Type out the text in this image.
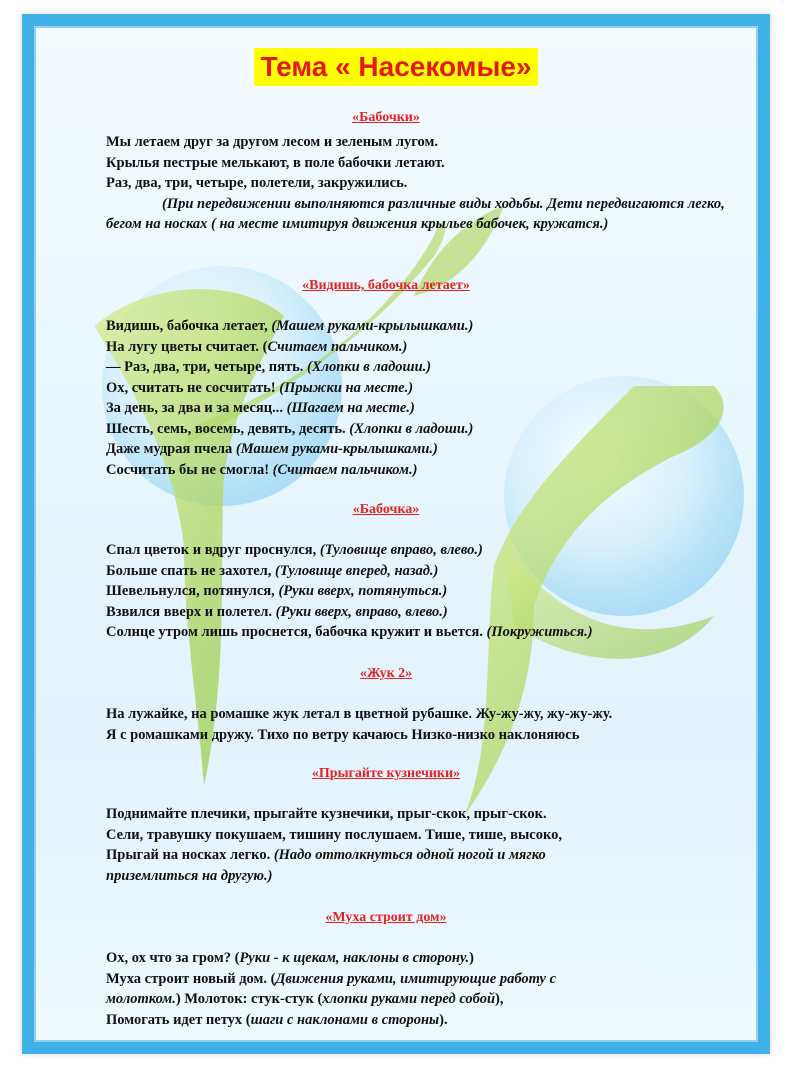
Тема « Насекомые»
«Бабочки»
Мы летаем друг за другом лесом и зеленым лугом.
Крылья пестрые мелькают, в поле бабочки летают.
Раз, два, три, четыре, полетели, закружились.
(При передвижении выполняются различные виды ходьбы. Дети передвигаются легко, бегом на носках ( на месте имитируя движения крыльев бабочек, кружатся.)
«Видишь, бабочка летает»
Видишь, бабочка летает, (Машем руками-крылышками.)
На лугу цветы считает. (Считаем пальчиком.)
— Раз, два, три, четыре, пять. (Хлопки в ладоши.)
Ох, считать не сосчитать! (Прыжки на месте.)
За день, за два и за месяц... (Шагаем на месте.)
Шесть, семь, восемь, девять, десять. (Хлопки в ладоши.)
Даже мудрая пчела (Машем руками-крылышками.)
Сосчитать бы не смогла! (Считаем пальчиком.)
«Бабочка»
Спал цветок и вдруг проснулся, (Туловище вправо, влево.)
Больше спать не захотел, (Туловище вперед, назад.)
Шевельнулся, потянулся, (Руки вверх, потянуться.)
Взвился вверх и полетел. (Руки вверх, вправо, влево.)
Солнце утром лишь проснется, бабочка кружит и вьется. (Покружиться.)
«Жук 2»
На лужайке, на ромашке жук летал в цветной рубашке. Жу-жу-жу, жу-жу-жу.
Я с ромашками дружу. Тихо по ветру качаюсь Низко-низко наклоняюсь
«Прыгайте кузнечики»
Поднимайте плечики, прыгайте кузнечики, прыг-скок, прыг-скок.
Сели, травушку покушаем, тишину послушаем. Тише, тише, высоко,
Прыгай на носках легко. (Надо оттолкнуться одной ногой и мягко
приземлиться на другую.)
«Муха строит дом»
Ох, ох что за гром? (Руки - к щекам, наклоны в сторону.)
Муха строит новый дом. (Движения руками, имитирующие работу с
молотком.) Молоток: стук-стук (хлопки руками перед собой),
Помогать идет петух (шаги с наклонами в стороны).
